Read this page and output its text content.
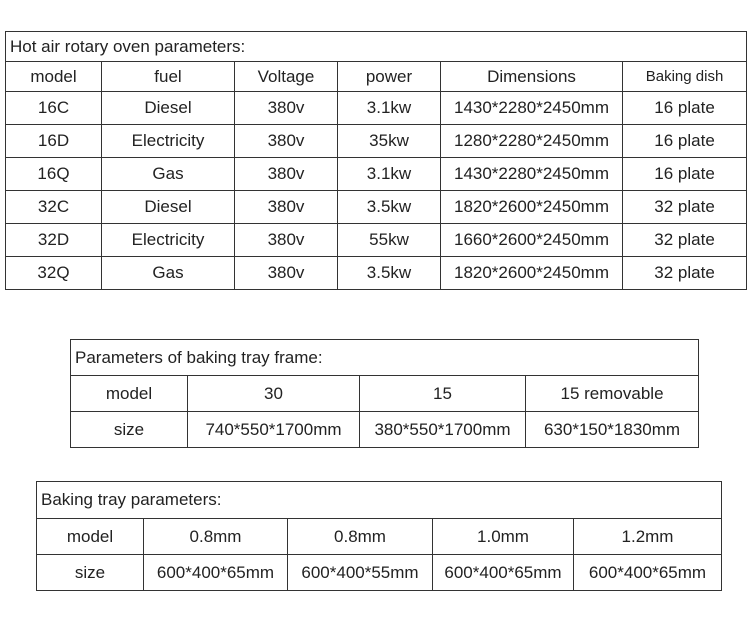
Hot air rotary oven parameters:					
model	fuel	Voltage	power	Dimensions	Baking dish
16C	Diesel	380v	3.1kw	1430*2280*2450mm	16 plate
16D	Electricity	380v	35kw	1280*2280*2450mm	16 plate
16Q	Gas	380v	3.1kw	1430*2280*2450mm	16 plate
32C	Diesel	380v	3.5kw	1820*2600*2450mm	32 plate
32D	Electricity	380v	55kw	1660*2600*2450mm	32 plate
32Q	Gas	380v	3.5kw	1820*2600*2450mm	32 plate
Parameters of baking tray frame:			
model	30	15	15 removable
size	740*550*1700mm	380*550*1700mm	630*150*1830mm
Baking tray parameters:				
model	0.8mm	0.8mm	1.0mm	1.2mm
size	600*400*65mm	600*400*55mm	600*400*65mm	600*400*65mm
